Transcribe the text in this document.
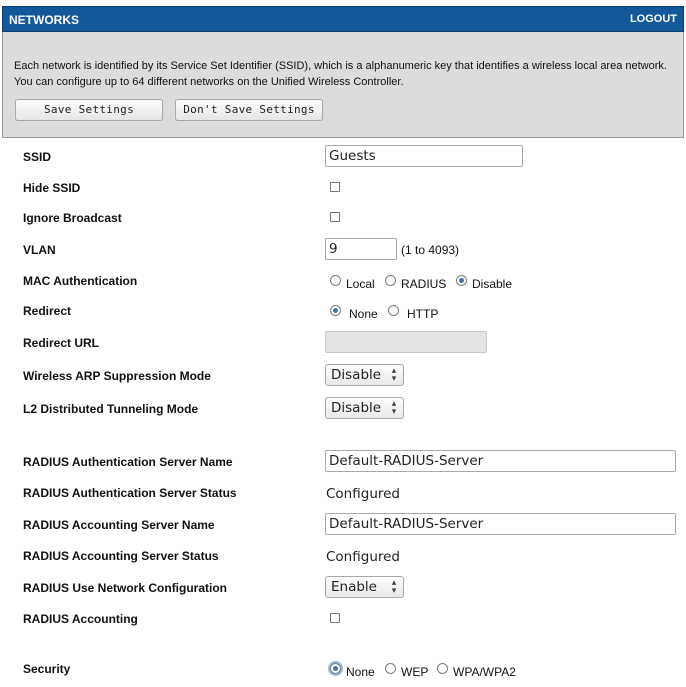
NETWORKS	LOGOUT
Each network is identified by its Service Set Identifier (SSID), which is a alphanumeric key that identifies a wireless local area network.
You can configure up to 64 different networks on the Unified Wireless Controller.
Save Settings	Don't Save Settings
SSID	Guests
Hide SSID
Ignore Broadcast
VLAN	9	(1 to 4093)
MAC Authentication	Local RADIUS Disable
Redirect	None HTTP
Redirect URL
Wireless ARP Suppression Mode	Disable ▴
▾
L2 Distributed Tunneling Mode	Disable ▴
▾
RADIUS Authentication Server Name	Default-RADIUS-Server
RADIUS Authentication Server Status	Configured
RADIUS Accounting Server Name	Default-RADIUS-Server
RADIUS Accounting Server Status	Configured
RADIUS Use Network Configuration	Enable ▴
▾
RADIUS Accounting
Security	None WEP WPA/WPA2
